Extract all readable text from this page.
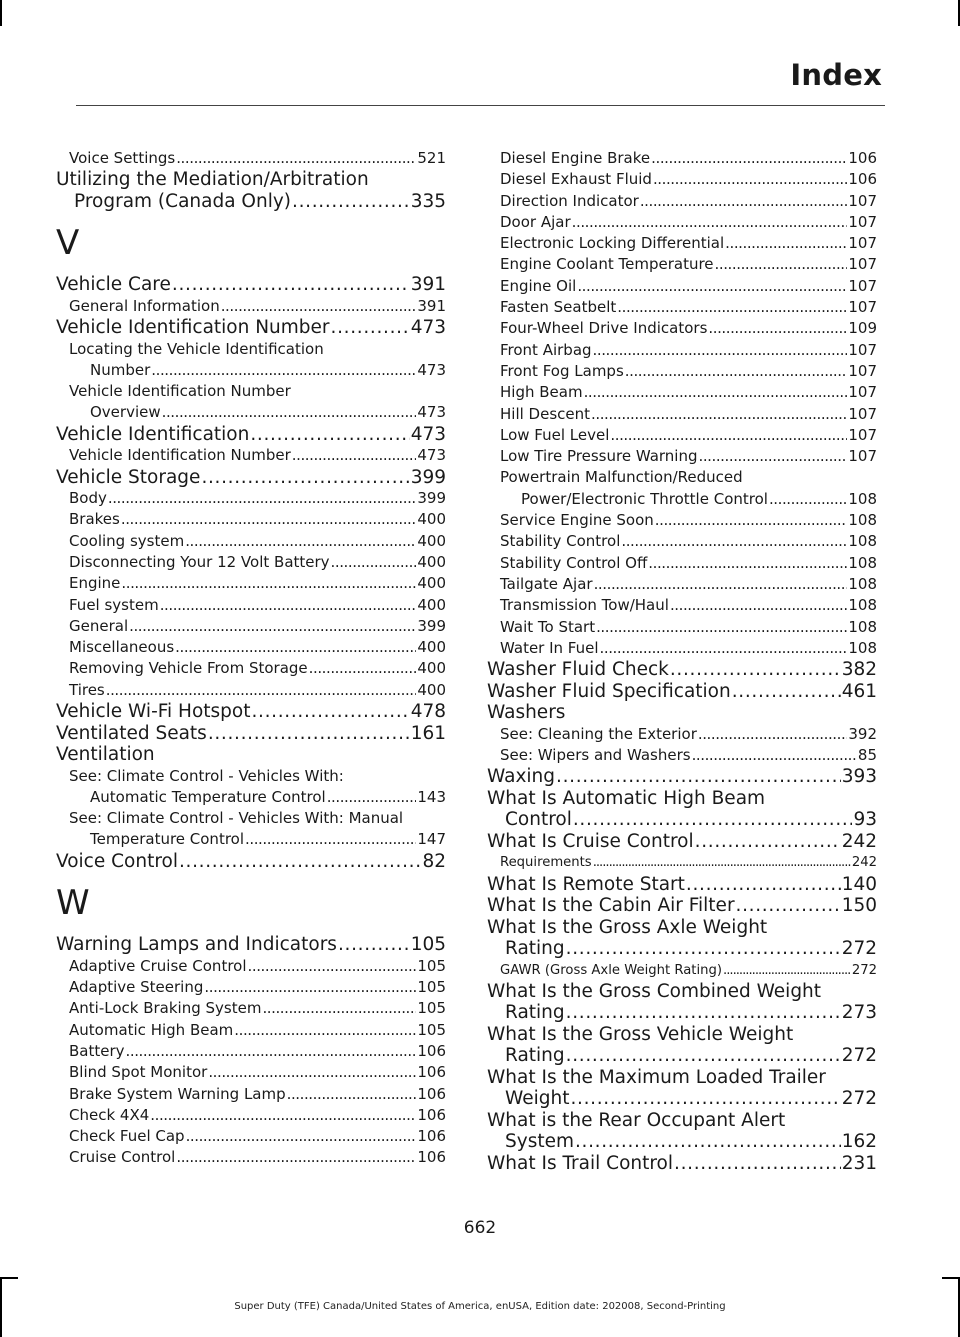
Index
Voice Settings . . .	521
Utilizing the Mediation/Arbitration
Program (Canada Only) . . .	335
V
Vehicle Care . . .	391
General Information . . .	391
Vehicle Identification Number . . .	473
Locating the Vehicle Identification
Number . . .	473
Vehicle Identification Number
Overview . . .	473
Vehicle Identification . . .	473
Vehicle Identification Number . . .	473
Vehicle Storage . . .	399
Body . . .	399
Brakes . . .	400
Cooling system . . .	400
Disconnecting Your 12 Volt Battery . . .	400
Engine . . .	400
Fuel system . . .	400
General . . .	399
Miscellaneous . . .	400
Removing Vehicle From Storage . . .	400
Tires . . .	400
Vehicle Wi-Fi Hotspot . . .	478
Ventilated Seats . . .	161
Ventilation
See: Climate Control - Vehicles With:
Automatic Temperature Control . . .	143
See: Climate Control - Vehicles With: Manual
Temperature Control . . .	147
Voice Control . . .	82
W
Warning Lamps and Indicators . . .	105
Adaptive Cruise Control . . .	105
Adaptive Steering . . .	105
Anti-Lock Braking System . . .	105
Automatic High Beam . . .	105
Battery . . .	106
Blind Spot Monitor . . .	106
Brake System Warning Lamp . . .	106
Check 4X4 . . .	106
Check Fuel Cap . . .	106
Cruise Control . . .	106
Diesel Engine Brake . . .	106
Diesel Exhaust Fluid . . .	106
Direction Indicator . . .	107
Door Ajar . . .	107
Electronic Locking Differential . . .	107
Engine Coolant Temperature . . .	107
Engine Oil . . .	107
Fasten Seatbelt . . .	107
Four-Wheel Drive Indicators . . .	109
Front Airbag . . .	107
Front Fog Lamps . . .	107
High Beam . . .	107
Hill Descent . . .	107
Low Fuel Level . . .	107
Low Tire Pressure Warning . . .	107
Powertrain Malfunction/Reduced
Power/Electronic Throttle Control . . .	108
Service Engine Soon . . .	108
Stability Control . . .	108
Stability Control Off . . .	108
Tailgate Ajar . . .	108
Transmission Tow/Haul . . .	108
Wait To Start . . .	108
Water In Fuel . . .	108
Washer Fluid Check . . .	382
Washer Fluid Specification . . .	461
Washers
See: Cleaning the Exterior . . .	392
See: Wipers and Washers . . .	85
Waxing . . .	393
What Is Automatic High Beam
Control . . .	93
What Is Cruise Control . . .	242
Requirements . . .	242
What Is Remote Start . . .	140
What Is the Cabin Air Filter . . .	150
What Is the Gross Axle Weight
Rating . . .	272
GAWR (Gross Axle Weight Rating) . . .	272
What Is the Gross Combined Weight
Rating . . .	273
What Is the Gross Vehicle Weight
Rating . . .	272
What Is the Maximum Loaded Trailer
Weight . . .	272
What is the Rear Occupant Alert
System . . .	162
What Is Trail Control . . .	231
662
Super Duty (TFE) Canada/United States of America, enUSA, Edition date: 202008, Second-Printing
